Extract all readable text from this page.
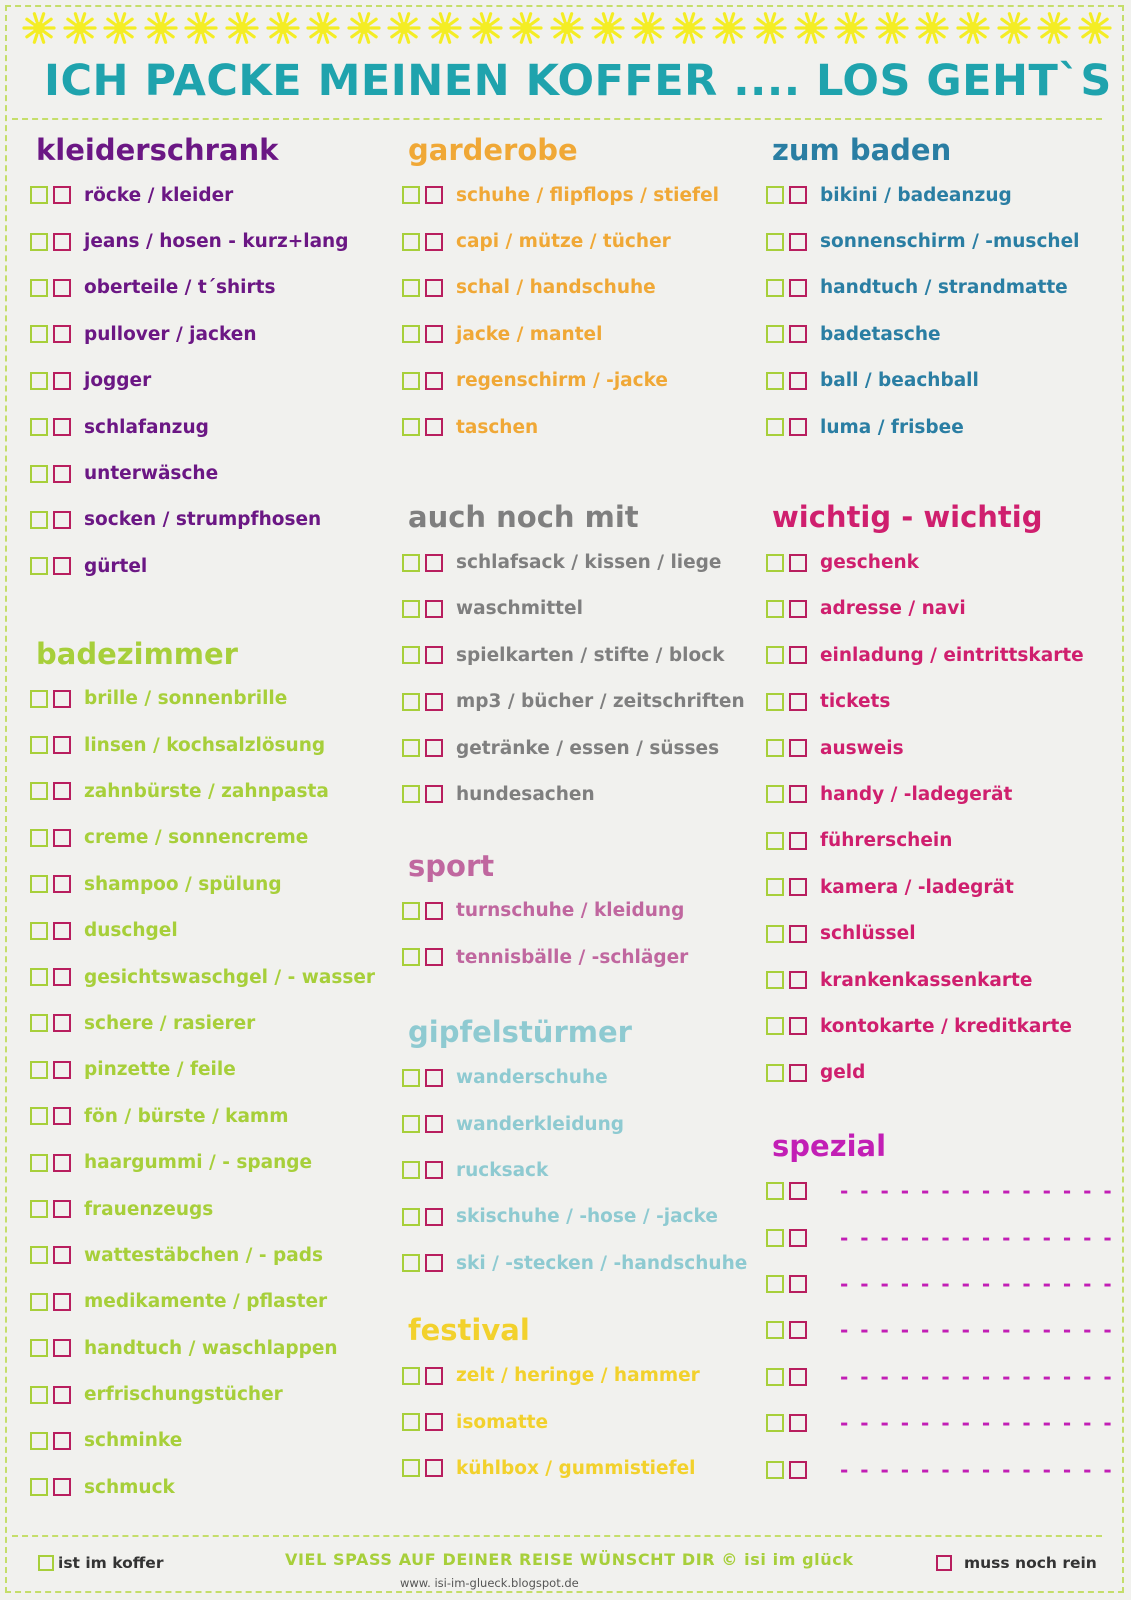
ICH PACKE MEINEN KOFFER .... LOS GEHT`S
kleiderschrank
röcke / kleider
jeans / hosen - kurz+lang
oberteile / t´shirts
pullover / jacken
jogger
schlafanzug
unterwäsche
socken / strumpfhosen
gürtel
badezimmer
brille / sonnenbrille
linsen / kochsalzlösung
zahnbürste / zahnpasta
creme / sonnencreme
shampoo / spülung
duschgel
gesichtswaschgel / - wasser
schere / rasierer
pinzette / feile
fön / bürste / kamm
haargummi / - spange
frauenzeugs
wattestäbchen / - pads
medikamente / pflaster
handtuch / waschlappen
erfrischungstücher
schminke
schmuck
garderobe
schuhe / flipflops / stiefel
capi / mütze / tücher
schal / handschuhe
jacke / mantel
regenschirm / -jacke
taschen
auch noch mit
schlafsack / kissen / liege
waschmittel
spielkarten / stifte / block
mp3 / bücher / zeitschriften
getränke / essen / süsses
hundesachen
sport
turnschuhe / kleidung
tennisbälle / -schläger
gipfelstürmer
wanderschuhe
wanderkleidung
rucksack
skischuhe / -hose / -jacke
ski / -stecken / -handschuhe
festival
zelt / heringe / hammer
isomatte
kühlbox / gummistiefel
zum baden
bikini / badeanzug
sonnenschirm / -muschel
handtuch / strandmatte
badetasche
ball / beachball
luma / frisbee
wichtig - wichtig
geschenk
adresse / navi
einladung / eintrittskarte
tickets
ausweis
handy / -ladegerät
führerschein
kamera / -ladegrät
schlüssel
krankenkassenkarte
kontokarte / kreditkarte
geld
spezial
- - - - - - - - - - - - - -
- - - - - - - - - - - - - -
- - - - - - - - - - - - - -
- - - - - - - - - - - - - -
- - - - - - - - - - - - - -
- - - - - - - - - - - - - -
- - - - - - - - - - - - - -
ist im koffer	VIEL SPASS AUF DEINER REISE WÜNSCHT DIR © isi im glück
www. isi-im-glueck.blogspot.de
muss noch rein
